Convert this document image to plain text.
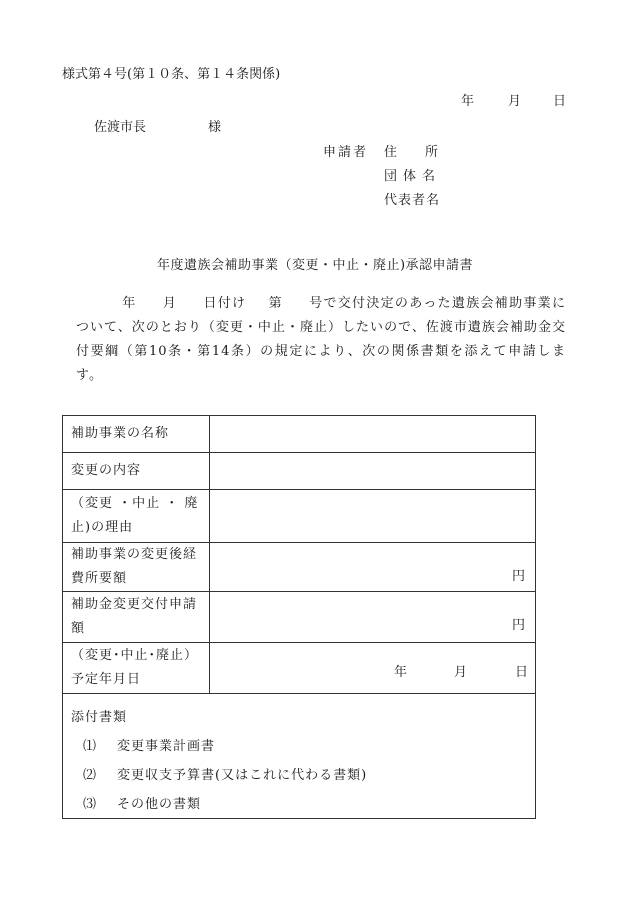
様式第４号(第１０条、第１４条関係)
年	月 日
佐渡市長	様
申請者 住 所
団体名
代表者名
年度遺族会補助事業（変更・中止・廃止)承認申請書
年 月 日付け 第 号で交付決定のあった遺族会補助事業について、次のとおり（変更・中止・廃止）したいので、佐渡市遺族会補助金交付要綱（第10条・第14条）の規定により、次の関係書類を添えて申請します。
補助事業の名称	
変更の内容	
（変更 ・中止 ・ 廃止)の理由	
補助事業の変更後経費所要額	円

補助金変更交付申請額	円

（変更･中止･廃止）予定年月日	年 月 日

添付書類
⑴ 変更事業計画書
⑵ 変更収支予算書(又はこれに代わる書類)
⑶ その他の書類	
